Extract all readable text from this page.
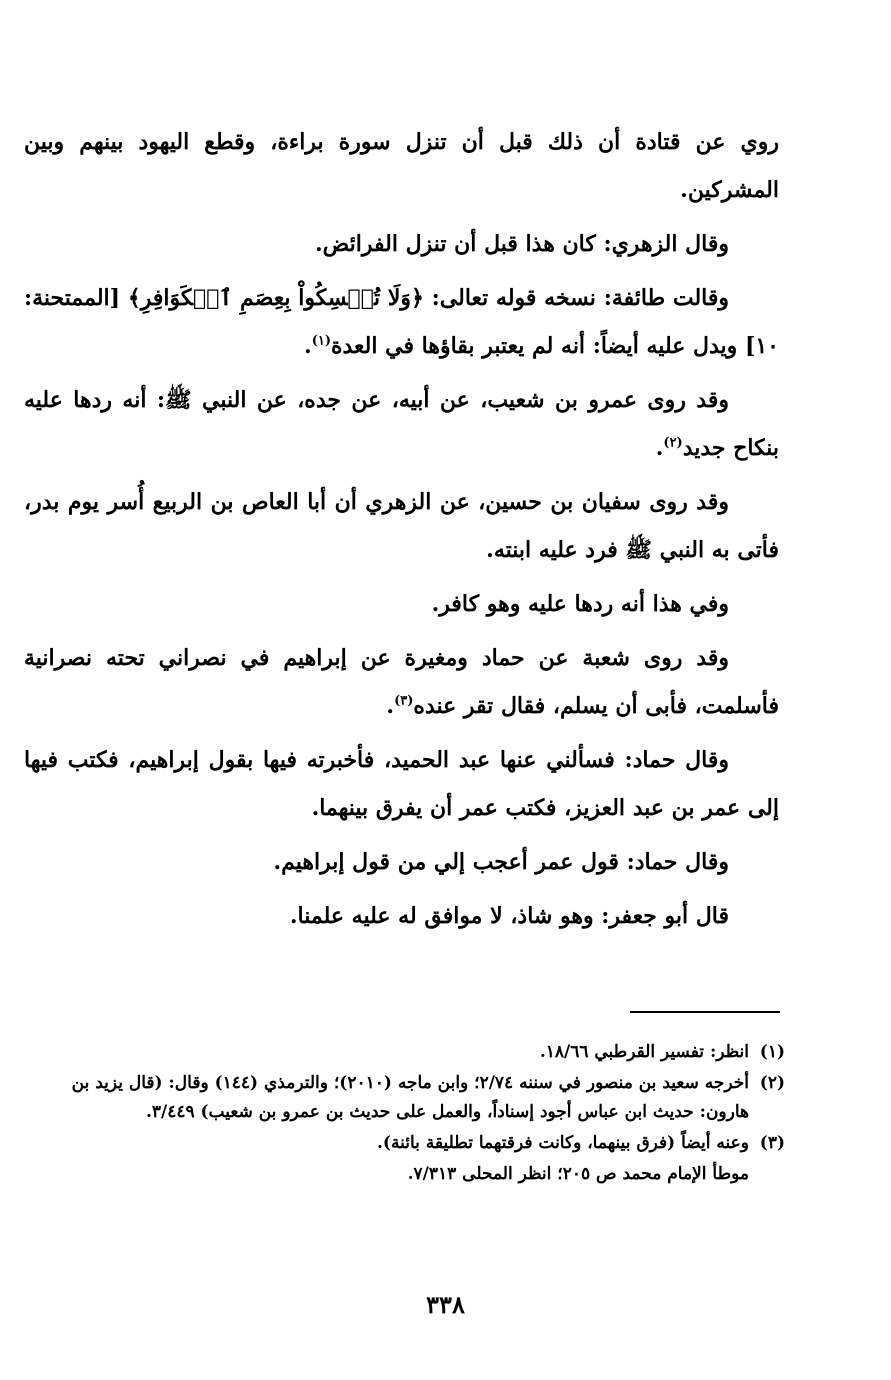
روي عن قتادة أن ذلك قبل أن تنزل سورة براءة، وقطع اليهود بينهم وبين المشركين.

وقال الزهري: كان هذا قبل أن تنزل الفرائض.

وقالت طائفة: نسخه قوله تعالى: ﴿وَلَا تُمۡسِكُواْ بِعِصَمِ ٱلۡكَوَافِرِ﴾ [الممتحنة: ١٠] ويدل عليه أيضاً: أنه لم يعتبر بقاؤها في العدة$^{(١)}$.

وقد روى عمرو بن شعيب، عن أبيه، عن جده، عن النبي ﷺ: أنه ردها عليه بنكاح جديد$^{(٢)}$.

وقد روى سفيان بن حسين، عن الزهري أن أبا العاص بن الربيع أُسر يوم بدر، فأتى به النبي ﷺ فرد عليه ابنته.

وفي هذا أنه ردها عليه وهو كافر.

وقد روى شعبة عن حماد ومغيرة عن إبراهيم في نصراني تحته نصرانية فأسلمت، فأبى أن يسلم، فقال تقر عنده$^{(٣)}$.

وقال حماد: فسألني عنها عبد الحميد، فأخبرته فيها بقول إبراهيم، فكتب فيها إلى عمر بن عبد العزيز، فكتب عمر أن يفرق بينهما.

وقال حماد: قول عمر أعجب إلي من قول إبراهيم.

قال أبو جعفر: وهو شاذ، لا موافق له عليه علمنا.

(١)
انظر: تفسير القرطبي ١٨/٦٦.
(٢)
أخرجه سعيد بن منصور في سننه ٢/٧٤؛ وابن ماجه (٢٠١٠)؛ والترمذي (١٤٤) وقال: (قال يزيد بن هارون: حديث ابن عباس أجود إسناداً، والعمل على حديث بن عمرو بن شعيب) ٣/٤٤٩.
(٣)
وعنه أيضاً (فرق بينهما، وكانت فرقتهما تطليقة بائنة).
موطأ الإمام محمد ص ٢٠٥؛ انظر المحلى ٧/٣١٣.
٣٣٨
